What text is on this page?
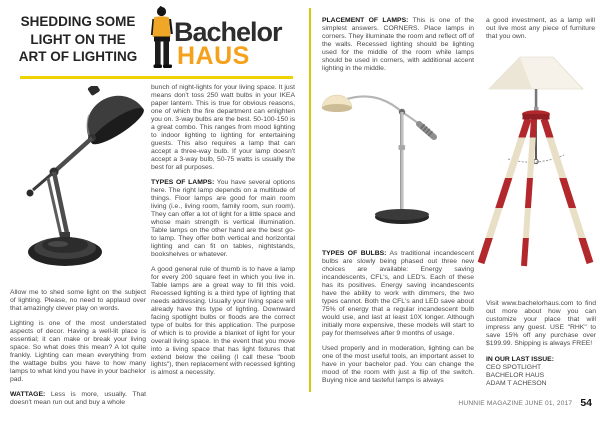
SHEDDING SOME
LIGHT ON THE
ART OF LIGHTING
Bachelor
HAUS

Allow me to shed some light on the subject of lighting. Please, no need to applaud over that amazingly clever play on words.

Lighting is one of the most understated aspects of decor. Having a well-lit place is essential; it can make or break your living space. So what does this mean? A lot quite frankly. Lighting can mean everything from the wattage bulbs you have to how many lamps to what kind you have in your bachelor pad.

WATTAGE: Less is more, usually. That doesn't mean run out and buy a whole

bunch of night-lights for your living space. It just means don't toss 250 watt bulbs in your IKEA paper lantern. This is true for obvious reasons, one of which the fire department can enlighten you on. 3-way bulbs are the best. 50-100-150 is a great combo. This ranges from mood lighting to indoor lighting to lighting for entertaining guests. This also requires a lamp that can accept a three-way bulb. If your lamp doesn't accept a 3-way bulb, 50-75 watts is usually the best for all purposes.

TYPES OF LAMPS: You have several options here. The right lamp depends on a multitude of things. Floor lamps are good for main room living (i.e., living room, family room, sun room). They can offer a lot of light for a little space and whose main strength is vertical illumination. Table lamps on the other hand are the best go-to lamp. They offer both vertical and horizontal lighting and can fit on tables, nightstands, bookshelves or whatever.

A good general rule of thumb is to have a lamp for every 200 square feet in which you live in. Table lamps are a great way to fill this void. Recessed lighting is a third type of lighting that needs addressing. Usually your living space will already have this type of lighting. Downward facing spotlight bulbs or floods are the correct type of bulbs for this application. The purpose of which is to provide a blanket of light for your overall living space. In the event that you move into a living space that has light fixtures that extend below the ceiling (I call these "boob lights"), then replacement with recessed lighting is almost a necessity.

PLACEMENT OF LAMPS: This is one of the simplest answers. CORNERS. Place lamps in corners. They illuminate the room and reflect off of the walls. Recessed lighting should be lighting used for the middle of the room while lamps should be used in corners, with additional accent lighting in the middle.

TYPES OF BULBS: As traditional incandescent bulbs are slowly being phased out three new choices are available: Energy saving incandescents, CFL's, and LED's. Each of these has its positives. Energy saving incandescents have the ability to work with dimmers, the two types cannot. Both the CFL's and LED save about 75% of energy that a regular incandescent bulb would use, and last at least 10X longer. Although initially more expensive, these models will start to pay for themselves after 9 months of usage.

Used properly and in moderation, lighting can be one of the most useful tools, an important asset to have in your bachelor pad. You can change the mood of the room with just a flip of the switch. Buying nice and tasteful lamps is always

a good investment, as a lamp will out live most any piece of furniture that you own.

Visit www.bachelorhaus.com to find out more about how you can customize your place that will impress any guest. USE "RHK" to save 15% off any purchase over $199.99. Shipping is always FREE!

IN OUR LAST ISSUE:
CEO SPOTLIGHT
BACHELOR HAUS
ADAM T ACHESON
HUNNIE MAGAZINE JUNE 01, 2017 54
